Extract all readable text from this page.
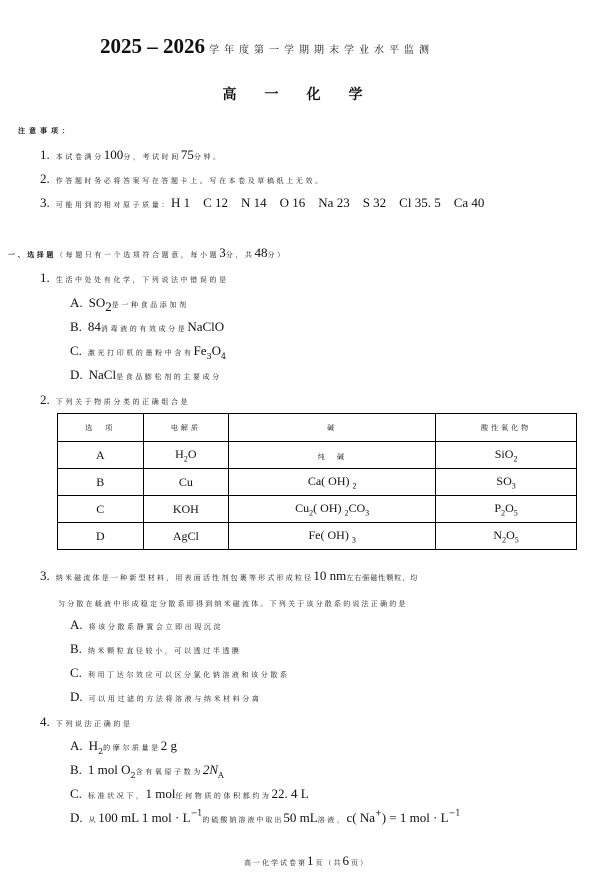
2025 – 2026 学年度第一学期期末学业水平监测
高一化学
注意事项：
1. 本试卷满分100分，考试时间75分钟。
2. 作答题时务必将答案写在答题卡上。写在本卷及草稿纸上无效。
3. 可能用到的相对原子质量：H 1    C 12    N 14    O 16    Na 23    S 32    Cl 35. 5    Ca 40
一、选择题（每题只有一个选项符合题意，每小题3分，共48分）
1. 生活中处处有化学，下列说法中错误的是
A. $SO_2$是一种食品添加剂
B. 84消毒液的有效成分是NaClO
C. 激光打印机的墨粉中含有$Fe_3O_4$
D. NaCl是食品膨松剂的主要成分
2. 下列关于物质分类的正确组合是
选　项	电解质	碱	酸性氧化物
A	$H_2O$	纯　碱	SiO$_2$
B	Cu	Ca( OH) $_2$	$SO_3$
C	KOH	$Cu_2$( OH) $_2CO_3$	$P_2O_5$
D	AgCl	Fe( OH) $_3$	$N_2O_5$
3. 纳米磁流体是一种新型材料，用表面活性剂包裹等形式形成粒径10 nm左右强磁性颗粒，均
匀分散在载液中形成稳定分散系即得到纳米磁流体。下列关于该分散系的说法正确的是
A. 将该分散系静置会立即出现沉淀
B. 纳米颗粒直径较小，可以透过半透膜
C. 利用丁达尔效应可以区分氯化钠溶液和该分散系
D. 可以用过滤的方法将溶液与纳米材料分离
4. 下列说法正确的是
A. $H_2$的摩尔质量是2 g
B. 1 mol $O_2$含有氧原子数为$2N_A$
C. 标准状况下，1 mol任何物质的体积都约为22. 4 L
D. 从100 mL 1 mol · $L^{-1}$的硫酸钠溶液中取出50 mL溶液，c( Na+) = 1 mol · $L^{-1}$
高一化学试卷第1页（共6页）
